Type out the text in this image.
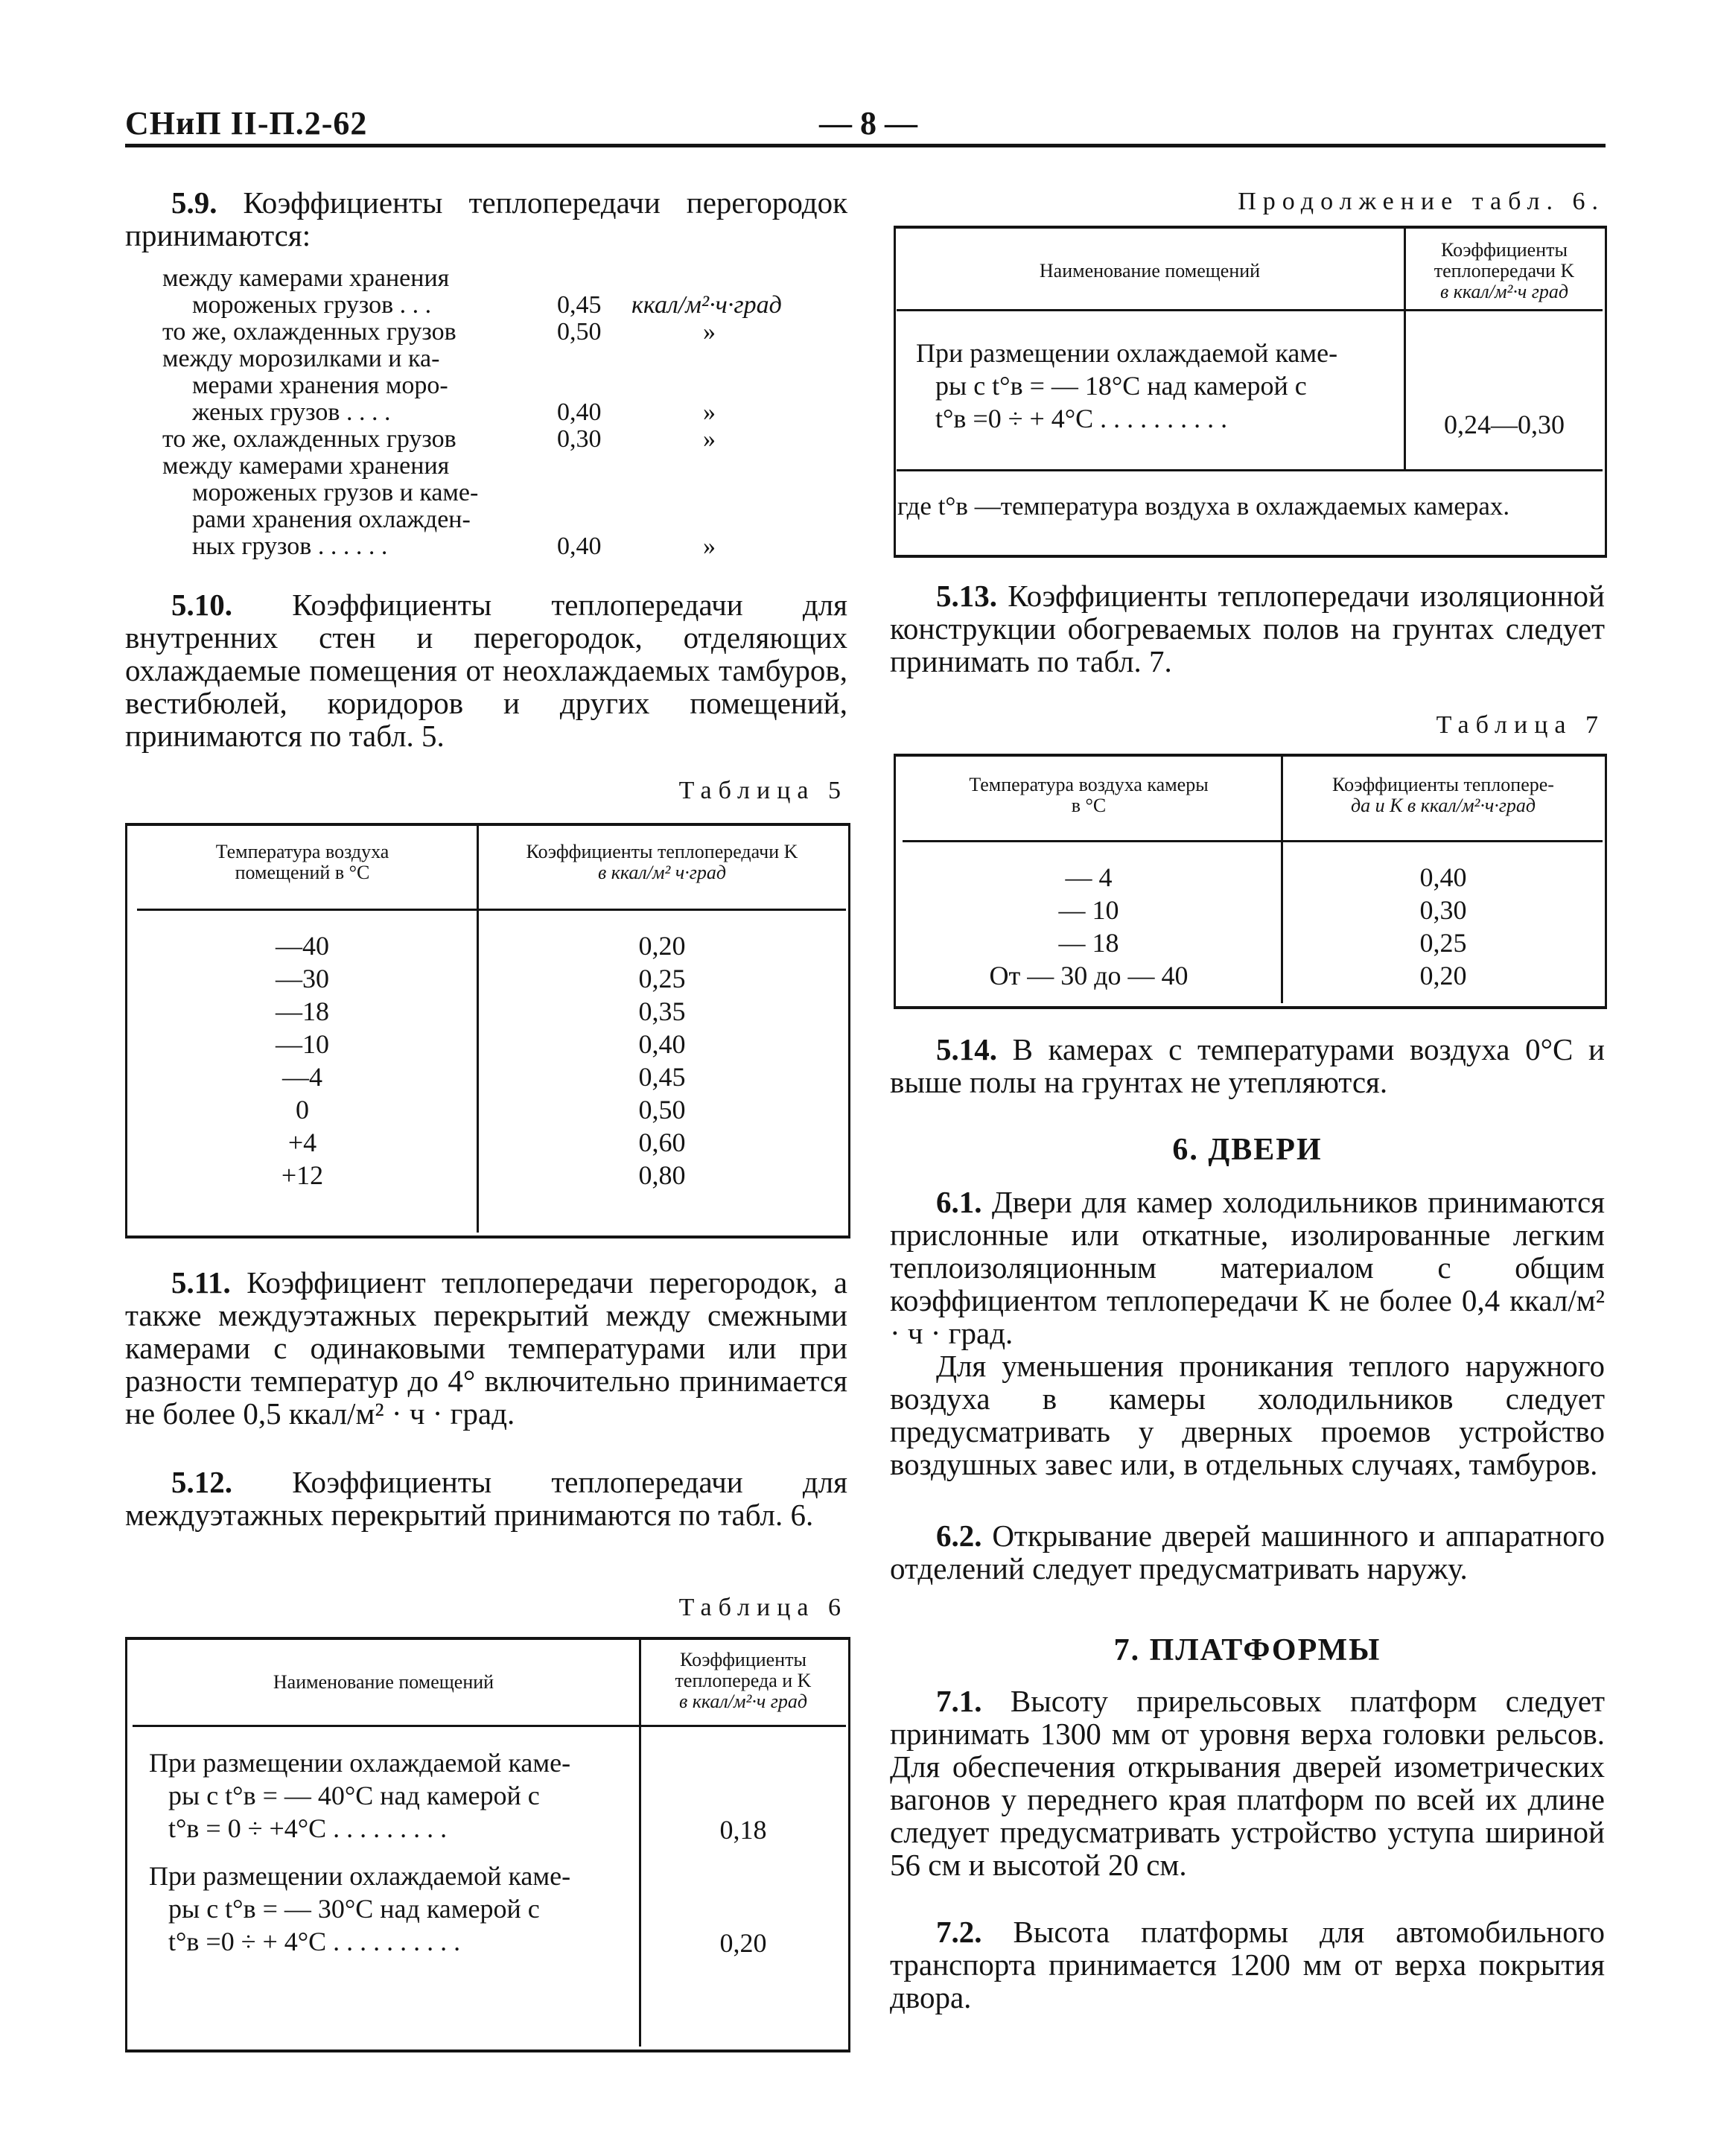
СНиП II-П.2-62	— 8 —

5.9. Коэффициенты теплопередачи перегородок принимаются:

между камерами хранения
мороженых грузов . . .	0,45 ккал/м²·ч·град
то же, охлажденных грузов	0,50	»
между морозилками и ка-
мерами хранения моро-
женых грузов . . . .	0,40	»
то же, охлажденных грузов	0,30	»
между камерами хранения
мороженых грузов и каме-
рами хранения охлажден-
ных грузов . . . . . .	0,40	»

5.10. Коэффициенты теплопередачи для внутренних стен и перегородок, отделяющих охлаждаемые помещения от неохлаждаемых тамбуров, вестибюлей, коридоров и других помещений, принимаются по табл. 5.

Таблица 5
Температура воздуха
помещений в °С
Коэффициенты теплопередачи K
в ккал/м² ч·град
—40	0,20
—30	0,25
—18	0,35
—10	0,40
—4	0,45
0	0,50
+4	0,60
+12	0,80

5.11. Коэффициент теплопередачи перегородок, а также междуэтажных перекрытий между смежными камерами с одинаковыми температурами или при разности температур до 4° включительно принимается не более 0,5 ккал/м² · ч · град.

5.12. Коэффициенты теплопередачи для междуэтажных перекрытий принимаются по табл. 6.

Таблица 6
Наименование помещений
Коэффициенты
теплопереда и K
в ккал/м²·ч град
При размещении охлаждаемой каме-
ры с t°в = — 40°С над камерой с
t°в = 0 ÷ +4°С . . . . . . . . .	0,18
При размещении охлаждаемой каме-
ры с t°в = — 30°С над камерой с
t°в =0 ÷ + 4°С . . . . . . . . . .	0,20
Продолжение табл. 6.
Наименование помещений
Коэффициенты
теплопередачи K
в ккал/м²·ч град
При размещении охлаждаемой каме-
ры с t°в = — 18°С над камерой с
t°в =0 ÷ + 4°С . . . . . . . . . .	0,24—0,30
где t°в —температура воздуха в охлаждаемых камерах.

5.13. Коэффициенты теплопередачи изоляционной конструкции обогреваемых полов на грунтах следует принимать по табл. 7.

Таблица 7
Температура воздуха камеры
в °С
Коэффициенты теплопере-
да и K в ккал/м²·ч·град
— 4	0,40
— 10	0,30
— 18	0,25
От — 30 до — 40	0,20

5.14. В камерах с температурами воздуха 0°С и выше полы на грунтах не утепляются.

6. ДВЕРИ

6.1. Двери для камер холодильников принимаются прислонные или откатные, изолированные легким теплоизоляционным материалом с общим коэффициентом теплопередачи K не более 0,4 ккал/м² · ч · град.

Для уменьшения проникания теплого наружного воздуха в камеры холодильников следует предусматривать у дверных проемов устройство воздушных завес или, в отдельных случаях, тамбуров.

6.2. Открывание дверей машинного и аппаратного отделений следует предусматривать наружу.

7. ПЛАТФОРМЫ

7.1. Высоту прирельсовых платформ следует принимать 1300 мм от уровня верха головки рельсов. Для обеспечения открывания дверей изометрических вагонов у переднего края платформ по всей их длине следует предусматривать устройство уступа шириной 56 см и высотой 20 см.

7.2. Высота платформы для автомобильного транспорта принимается 1200 мм от верха покрытия двора.
